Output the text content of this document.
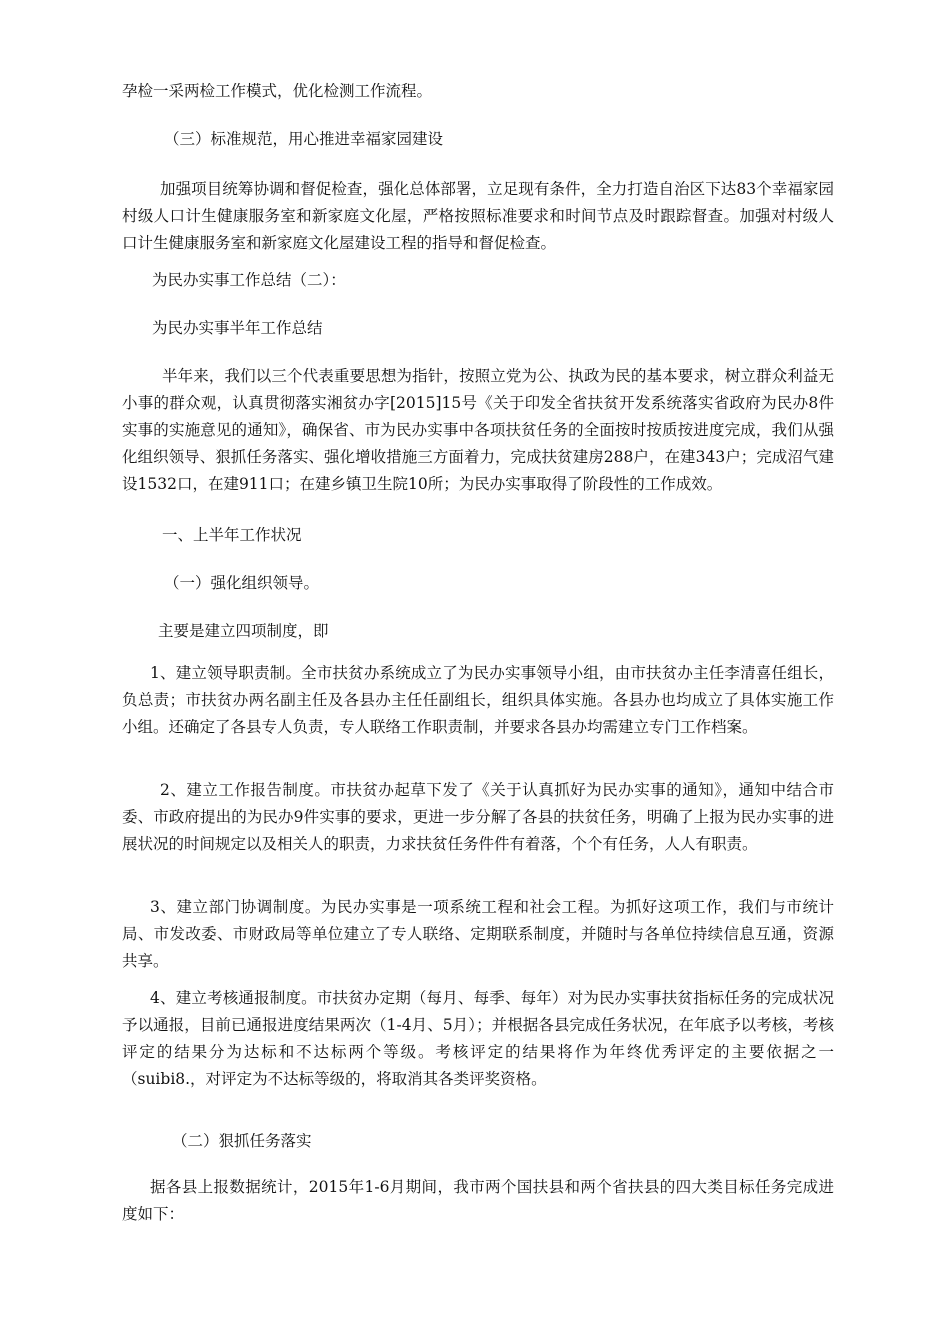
孕检一采两检工作模式，优化检测工作流程。

（三）标准规范，用心推进幸福家园建设

加强项目统筹协调和督促检查，强化总体部署，立足现有条件，全力打造自治区下达83个幸福家园村级人口计生健康服务室和新家庭文化屋，严格按照标准要求和时间节点及时跟踪督查。加强对村级人口计生健康服务室和新家庭文化屋建设工程的指导和督促检查。

为民办实事工作总结（二）：

为民办实事半年工作总结

半年来，我们以三个代表重要思想为指针，按照立党为公、执政为民的基本要求，树立群众利益无小事的群众观，认真贯彻落实湘贫办字[2015]15号《关于印发全省扶贫开发系统落实省政府为民办8件实事的实施意见的通知》，确保省、市为民办实事中各项扶贫任务的全面按时按质按进度完成，我们从强化组织领导、狠抓任务落实、强化增收措施三方面着力，完成扶贫建房288户，在建343户；完成沼气建设1532口，在建911口；在建乡镇卫生院10所；为民办实事取得了阶段性的工作成效。

一、上半年工作状况

（一）强化组织领导。

主要是建立四项制度，即

1、建立领导职责制。全市扶贫办系统成立了为民办实事领导小组，由市扶贫办主任李清喜任组长，负总责；市扶贫办两名副主任及各县办主任任副组长，组织具体实施。各县办也均成立了具体实施工作小组。还确定了各县专人负责，专人联络工作职责制，并要求各县办均需建立专门工作档案。

2、建立工作报告制度。市扶贫办起草下发了《关于认真抓好为民办实事的通知》，通知中结合市委、市政府提出的为民办9件实事的要求，更进一步分解了各县的扶贫任务，明确了上报为民办实事的进展状况的时间规定以及相关人的职责，力求扶贫任务件件有着落，个个有任务，人人有职责。

3、建立部门协调制度。为民办实事是一项系统工程和社会工程。为抓好这项工作，我们与市统计局、市发改委、市财政局等单位建立了专人联络、定期联系制度，并随时与各单位持续信息互通，资源共享。

4、建立考核通报制度。市扶贫办定期（每月、每季、每年）对为民办实事扶贫指标任务的完成状况予以通报，目前已通报进度结果两次（1-4月、5月）；并根据各县完成任务状况，在年底予以考核，考核评定的结果分为达标和不达标两个等级。考核评定的结果将作为年终优秀评定的主要依据之一（suibi8.，对评定为不达标等级的，将取消其各类评奖资格。

（二）狠抓任务落实

据各县上报数据统计，2015年1-6月期间，我市两个国扶县和两个省扶县的四大类目标任务完成进度如下：
